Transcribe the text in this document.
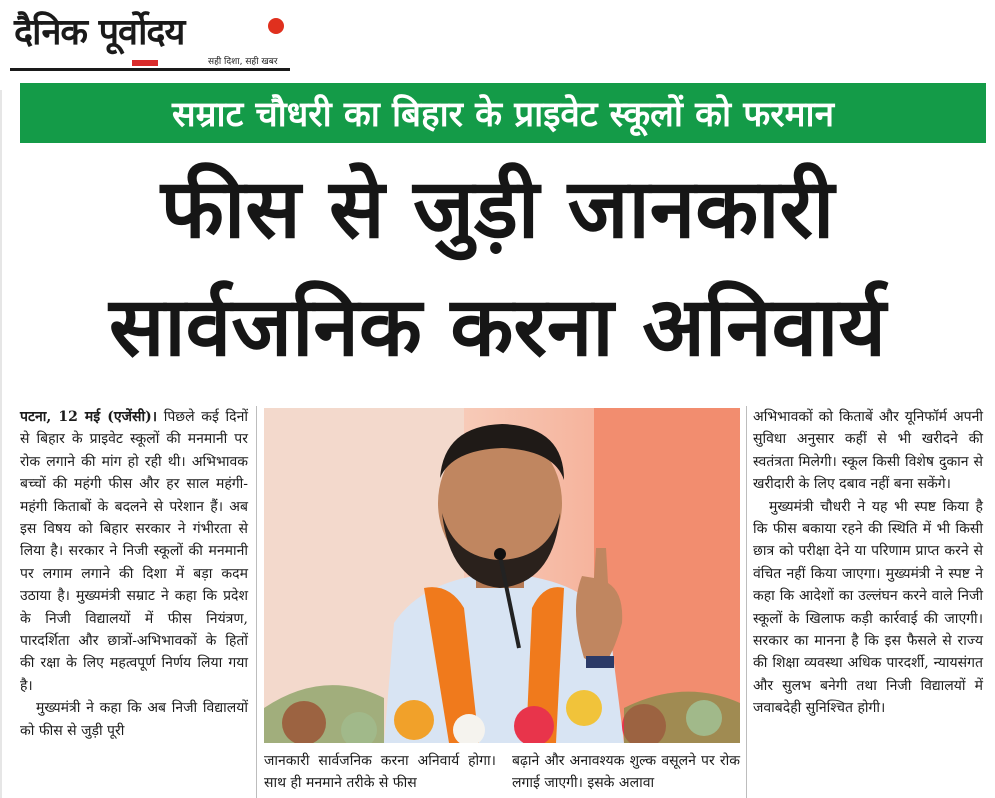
दैनिक पूर्वोदय
सही दिशा, सही खबर
सम्राट चौधरी का बिहार के प्राइवेट स्कूलों को फरमान
फीस से जुड़ी जानकारी
सार्वजनिक करना अनिवार्य

पटना, 12 मई (एजेंसी)। पिछले कई दिनों से बिहार के प्राइवेट स्कूलों की मनमानी पर रोक लगाने की मांग हो रही थी। अभिभावक बच्चों की महंगी फीस और हर साल महंगी-महंगी किताबों के बदलने से परेशान हैं। अब इस विषय को बिहार सरकार ने गंभीरता से लिया है। सरकार ने निजी स्कूलों की मनमानी पर लगाम लगाने की दिशा में बड़ा कदम उठाया है। मुख्यमंत्री सम्राट ने कहा कि प्रदेश के निजी विद्यालयों में फीस नियंत्रण, पारदर्शिता और छात्रों-अभिभावकों के हितों की रक्षा के लिए महत्वपूर्ण निर्णय लिया गया है।

मुख्यमंत्री ने कहा कि अब निजी विद्यालयों को फीस से जुड़ी पूरी

जानकारी सार्वजनिक करना अनिवार्य होगा। साथ ही मनमाने तरीके से फीस
बढ़ाने और अनावश्यक शुल्क वसूलने पर रोक लगाई जाएगी। इसके अलावा

अभिभावकों को किताबें और यूनिफॉर्म अपनी सुविधा अनुसार कहीं से भी खरीदने की स्वतंत्रता मिलेगी। स्कूल किसी विशेष दुकान से खरीदारी के लिए दबाव नहीं बना सकेंगे।

मुख्यमंत्री चौधरी ने यह भी स्पष्ट किया है कि फीस बकाया रहने की स्थिति में भी किसी छात्र को परीक्षा देने या परिणाम प्राप्त करने से वंचित नहीं किया जाएगा। मुख्यमंत्री ने स्पष्ट ने कहा कि आदेशों का उल्लंघन करने वाले निजी स्कूलों के खिलाफ कड़ी कार्रवाई की जाएगी। सरकार का मानना है कि इस फैसले से राज्य की शिक्षा व्यवस्था अधिक पारदर्शी, न्यायसंगत और सुलभ बनेगी तथा निजी विद्यालयों में जवाबदेही सुनिश्चित होगी।
